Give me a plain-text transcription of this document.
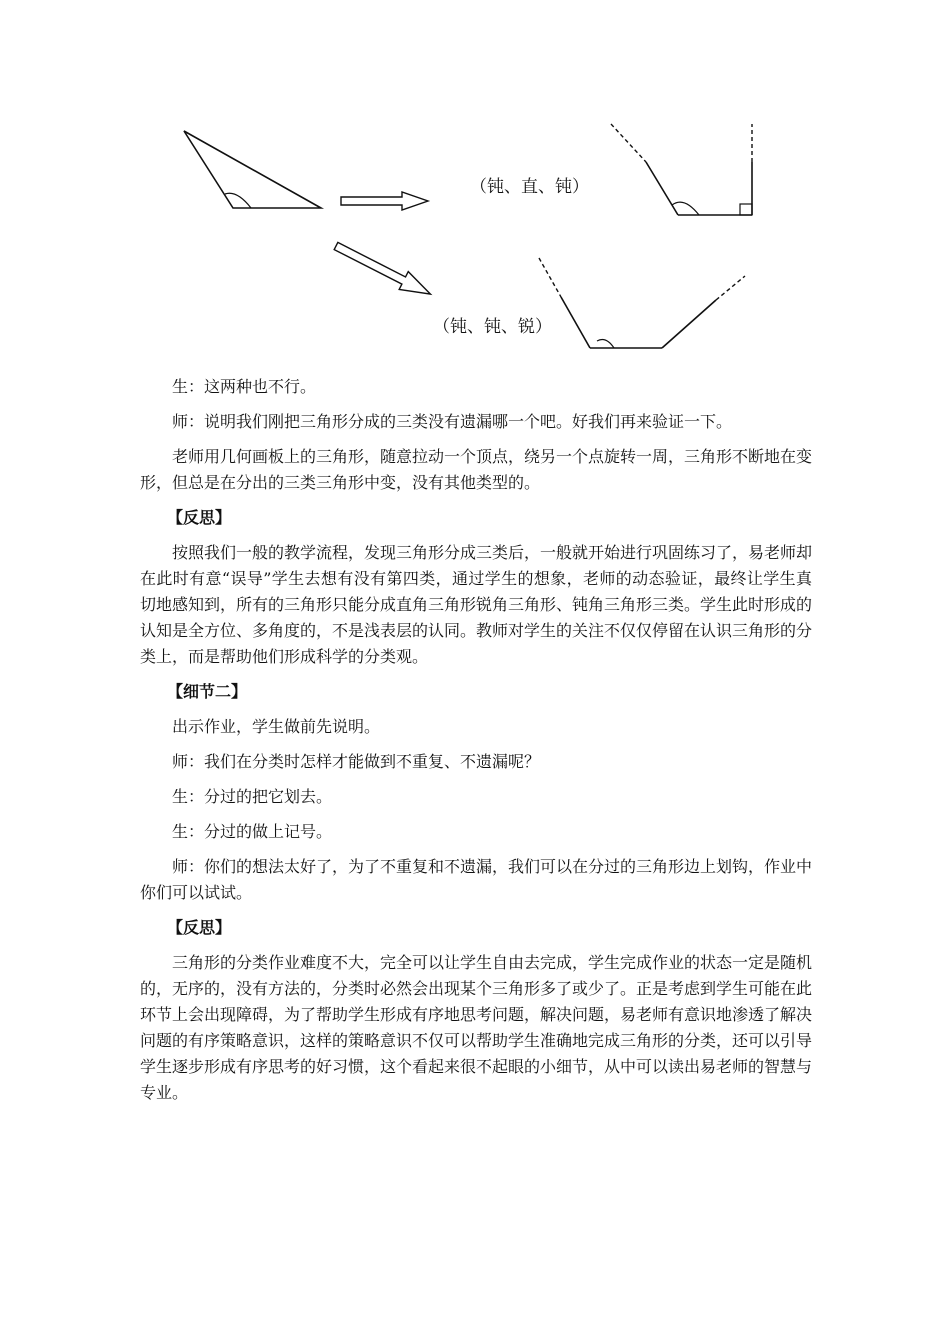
（钝、直、钝）
（钝、钝、锐）

生：这两种也不行。

师：说明我们刚把三角形分成的三类没有遗漏哪一个吧。好我们再来验证一下。

老师用几何画板上的三角形，随意拉动一个顶点，绕另一个点旋转一周，三角形不断地在变形，但总是在分出的三类三角形中变，没有其他类型的。

【反思】

按照我们一般的教学流程，发现三角形分成三类后，一般就开始进行巩固练习了，易老师却在此时有意“误导”学生去想有没有第四类，通过学生的想象，老师的动态验证，最终让学生真切地感知到，所有的三角形只能分成直角三角形锐角三角形、钝角三角形三类。学生此时形成的认知是全方位、多角度的，不是浅表层的认同。教师对学生的关注不仅仅停留在认识三角形的分类上，而是帮助他们形成科学的分类观。

【细节二】

出示作业，学生做前先说明。

师：我们在分类时怎样才能做到不重复、不遗漏呢？

生：分过的把它划去。

生：分过的做上记号。

师：你们的想法太好了，为了不重复和不遗漏，我们可以在分过的三角形边上划钩，作业中你们可以试试。

【反思】

三角形的分类作业难度不大，完全可以让学生自由去完成，学生完成作业的状态一定是随机的，无序的，没有方法的，分类时必然会出现某个三角形多了或少了。正是考虑到学生可能在此环节上会出现障碍，为了帮助学生形成有序地思考问题，解决问题，易老师有意识地渗透了解决问题的有序策略意识，这样的策略意识不仅可以帮助学生准确地完成三角形的分类，还可以引导学生逐步形成有序思考的好习惯，这个看起来很不起眼的小细节，从中可以读出易老师的智慧与专业。
